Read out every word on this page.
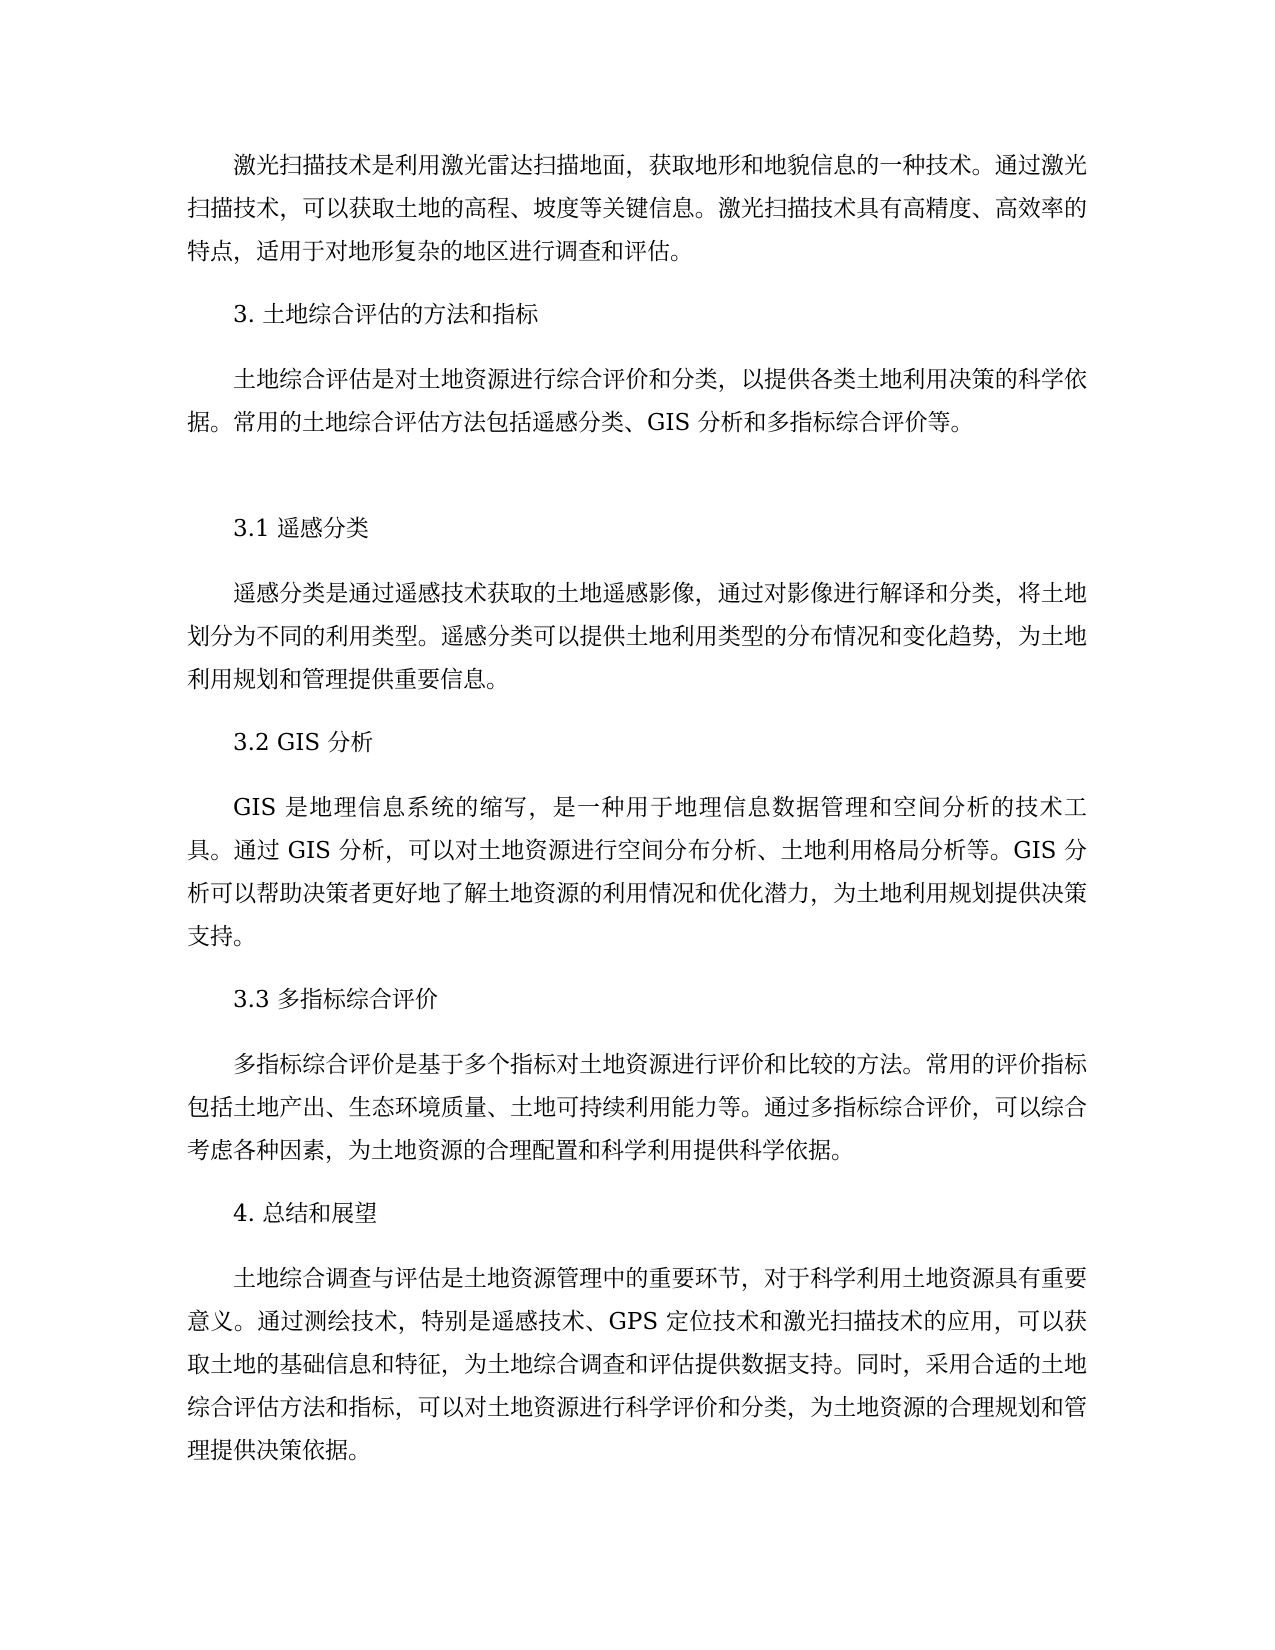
激光扫描技术是利用激光雷达扫描地面，获取地形和地貌信息的一种技术。通过激光扫描技术，可以获取土地的高程、坡度等关键信息。激光扫描技术具有高精度、高效率的特点，适用于对地形复杂的地区进行调查和评估。

3. 土地综合评估的方法和指标

土地综合评估是对土地资源进行综合评价和分类，以提供各类土地利用决策的科学依据。常用的土地综合评估方法包括遥感分类、GIS 分析和多指标综合评价等。

3.1 遥感分类

遥感分类是通过遥感技术获取的土地遥感影像，通过对影像进行解译和分类，将土地划分为不同的利用类型。遥感分类可以提供土地利用类型的分布情况和变化趋势，为土地利用规划和管理提供重要信息。

3.2 GIS 分析

GIS 是地理信息系统的缩写，是一种用于地理信息数据管理和空间分析的技术工具。通过 GIS 分析，可以对土地资源进行空间分布分析、土地利用格局分析等。GIS 分析可以帮助决策者更好地了解土地资源的利用情况和优化潜力，为土地利用规划提供决策支持。

3.3 多指标综合评价

多指标综合评价是基于多个指标对土地资源进行评价和比较的方法。常用的评价指标包括土地产出、生态环境质量、土地可持续利用能力等。通过多指标综合评价，可以综合考虑各种因素，为土地资源的合理配置和科学利用提供科学依据。

4. 总结和展望

土地综合调查与评估是土地资源管理中的重要环节，对于科学利用土地资源具有重要意义。通过测绘技术，特别是遥感技术、GPS 定位技术和激光扫描技术的应用，可以获取土地的基础信息和特征，为土地综合调查和评估提供数据支持。同时，采用合适的土地综合评估方法和指标，可以对土地资源进行科学评价和分类，为土地资源的合理规划和管理提供决策依据。
